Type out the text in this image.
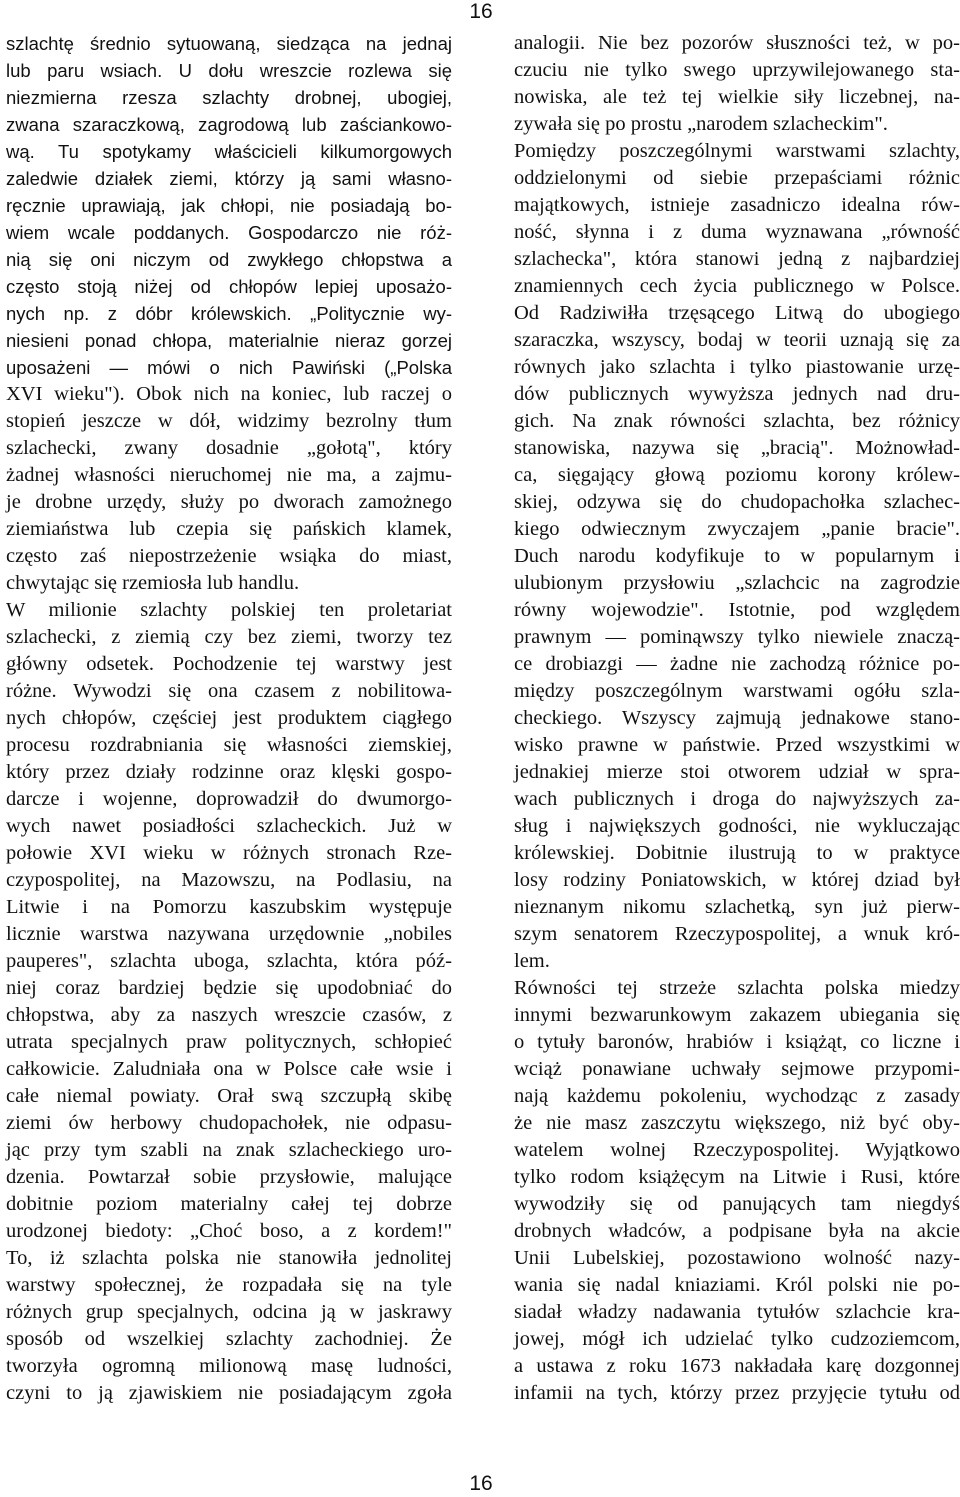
16
szlachtę średnio sytuowaną, siedząca na jednaj
lub paru wsiach. U dołu wreszcie rozlewa się
niezmierna rzesza szlachty drobnej, ubogiej,
zwana szaraczkową, zagrodową lub zaściankowo-
wą. Tu spotykamy właścicieli kilkumorgowych
zaledwie działek ziemi, którzy ją sami własno-
ręcznie uprawiają, jak chłopi, nie posiadają bo-
wiem wcale poddanych. Gospodarczo nie róż-
nią się oni niczym od zwykłego chłopstwa a
często stoją niżej od chłopów lepiej uposażo-
nych np. z dóbr królewskich. „Politycznie wy-
niesieni ponad chłopa, materialnie nieraz gorzej
uposażeni — mówi o nich Pawiński („Polska
XVI wieku"). Obok nich na koniec, lub raczej o
stopień jeszcze w dół, widzimy bezrolny tłum
szlachecki, zwany dosadnie „gołotą", który
żadnej własności nieruchomej nie ma, a zajmu-
je drobne urzędy, służy po dworach zamożnego
ziemiaństwa lub czepia się pańskich klamek,
często zaś niepostrzeżenie wsiąka do miast,
chwytając się rzemiosła lub handlu.
W milionie szlachty polskiej ten proletariat
szlachecki, z ziemią czy bez ziemi, tworzy tez
główny odsetek. Pochodzenie tej warstwy jest
różne. Wywodzi się ona czasem z nobilitowa-
nych chłopów, częściej jest produktem ciągłego
procesu rozdrabniania się własności ziemskiej,
który przez działy rodzinne oraz klęski gospo-
darcze i wojenne, doprowadził do dwumorgo-
wych nawet posiadłości szlacheckich. Już w
połowie XVI wieku w różnych stronach Rze-
czypospolitej, na Mazowszu, na Podlasiu, na
Litwie i na Pomorzu kaszubskim występuje
licznie warstwa nazywana urzędownie „nobiles
pauperes", szlachta uboga, szlachta, która póź-
niej coraz bardziej będzie się upodobniać do
chłopstwa, aby za naszych wreszcie czasów, z
utrata specjalnych praw politycznych, schłopieć
całkowicie. Zaludniała ona w Polsce całe wsie i
całe niemal powiaty. Orał swą szczupłą skibę
ziemi ów herbowy chudopachołek, nie odpasu-
jąc przy tym szabli na znak szlacheckiego uro-
dzenia. Powtarzał sobie przysłowie, malujące
dobitnie poziom materialny całej tej dobrze
urodzonej biedoty: „Choć boso, a z kordem!"
To, iż szlachta polska nie stanowiła jednolitej
warstwy społecznej, że rozpadała się na tyle
różnych grup specjalnych, odcina ją w jaskrawy
sposób od wszelkiej szlachty zachodniej. Że
tworzyła ogromną milionową masę ludności,
czyni to ją zjawiskiem nie posiadającym zgoła
analogii. Nie bez pozorów słuszności też, w po-
czuciu nie tylko swego uprzywilejowanego sta-
nowiska, ale też tej wielkie siły liczebnej, na-
zywała się po prostu „narodem szlacheckim".
Pomiędzy poszczególnymi warstwami szlachty,
oddzielonymi od siebie przepaściami różnic
majątkowych, istnieje zasadniczo idealna rów-
ność, słynna i z duma wyznawana „równość
szlachecka", która stanowi jedną z najbardziej
znamiennych cech życia publicznego w Polsce.
Od Radziwiłła trzęsącego Litwą do ubogiego
szaraczka, wszyscy, bodaj w teorii uznają się za
równych jako szlachta i tylko piastowanie urzę-
dów publicznych wywyższa jednych nad dru-
gich. Na znak równości szlachta, bez różnicy
stanowiska, nazywa się „bracią". Możnowład-
ca, sięgający głową poziomu korony królew-
skiej, odzywa się do chudopachołka szlachec-
kiego odwiecznym zwyczajem „panie bracie".
Duch narodu kodyfikuje to w popularnym i
ulubionym przysłowiu „szlachcic na zagrodzie
równy wojewodzie". Istotnie, pod względem
prawnym — pominąwszy tylko niewiele znaczą-
ce drobiazgi — żadne nie zachodzą różnice po-
między poszczególnym warstwami ogółu szla-
checkiego. Wszyscy zajmują jednakowe stano-
wisko prawne w państwie. Przed wszystkimi w
jednakiej mierze stoi otworem udział w spra-
wach publicznych i droga do najwyższych za-
sług i największych godności, nie wykluczając
królewskiej. Dobitnie ilustrują to w praktyce
losy rodziny Poniatowskich, w której dziad był
nieznanym nikomu szlachetką, syn już pierw-
szym senatorem Rzeczypospolitej, a wnuk kró-
lem.
Równości tej strzeże szlachta polska miedzy
innymi bezwarunkowym zakazem ubiegania się
o tytuły baronów, hrabiów i książąt, co liczne i
wciąż ponawiane uchwały sejmowe przypomi-
nają każdemu pokoleniu, wychodząc z zasady
że nie masz zaszczytu większego, niż być oby-
watelem wolnej Rzeczypospolitej. Wyjątkowo
tylko rodom książęcym na Litwie i Rusi, które
wywodziły się od panujących tam niegdyś
drobnych władców, a podpisane była na akcie
Unii Lubelskiej, pozostawiono wolność nazy-
wania się nadal kniaziami. Król polski nie po-
siadał władzy nadawania tytułów szlachcie kra-
jowej, mógł ich udzielać tylko cudzoziemcom,
a ustawa z roku 1673 nakładała karę dozgonnej
infamii na tych, którzy przez przyjęcie tytułu od
16
